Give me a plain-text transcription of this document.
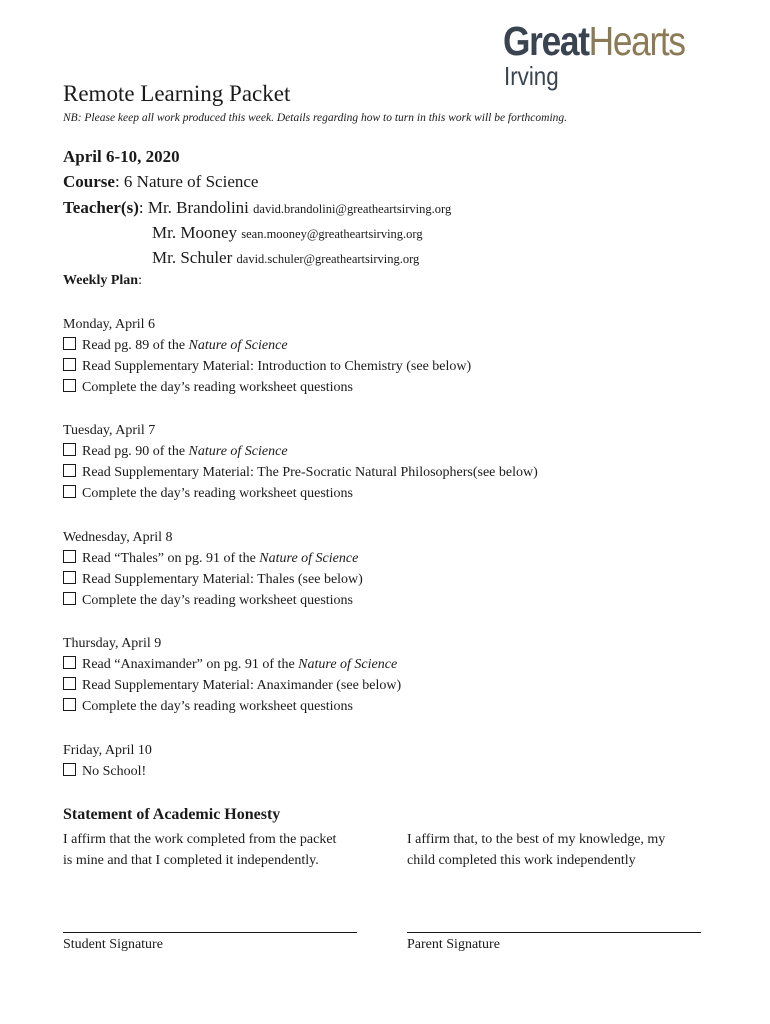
GreatHearts
Irving
Remote Learning Packet
NB: Please keep all work produced this week. Details regarding how to turn in this work will be forthcoming.
April 6-10, 2020
Course: 6 Nature of Science
Teacher(s): Mr. Brandolini david.brandolini@greatheartsirving.org
Mr. Mooney sean.mooney@greatheartsirving.org
Mr. Schuler david.schuler@greatheartsirving.org
Weekly Plan:
Monday, April 6
Read pg. 89 of the Nature of Science
Read Supplementary Material: Introduction to Chemistry (see below)
Complete the day’s reading worksheet questions
Tuesday, April 7
Read pg. 90 of the Nature of Science
Read Supplementary Material: The Pre-Socratic Natural Philosophers(see below)
Complete the day’s reading worksheet questions
Wednesday, April 8
Read “Thales” on pg. 91 of the Nature of Science
Read Supplementary Material: Thales (see below)
Complete the day’s reading worksheet questions
Thursday, April 9
Read “Anaximander” on pg. 91 of the Nature of Science
Read Supplementary Material: Anaximander (see below)
Complete the day’s reading worksheet questions
Friday, April 10
No School!
Statement of Academic Honesty
I affirm that the work completed from the packet
is mine and that I completed it independently.
I affirm that, to the best of my knowledge, my
child completed this work independently
Student Signature	Parent Signature
